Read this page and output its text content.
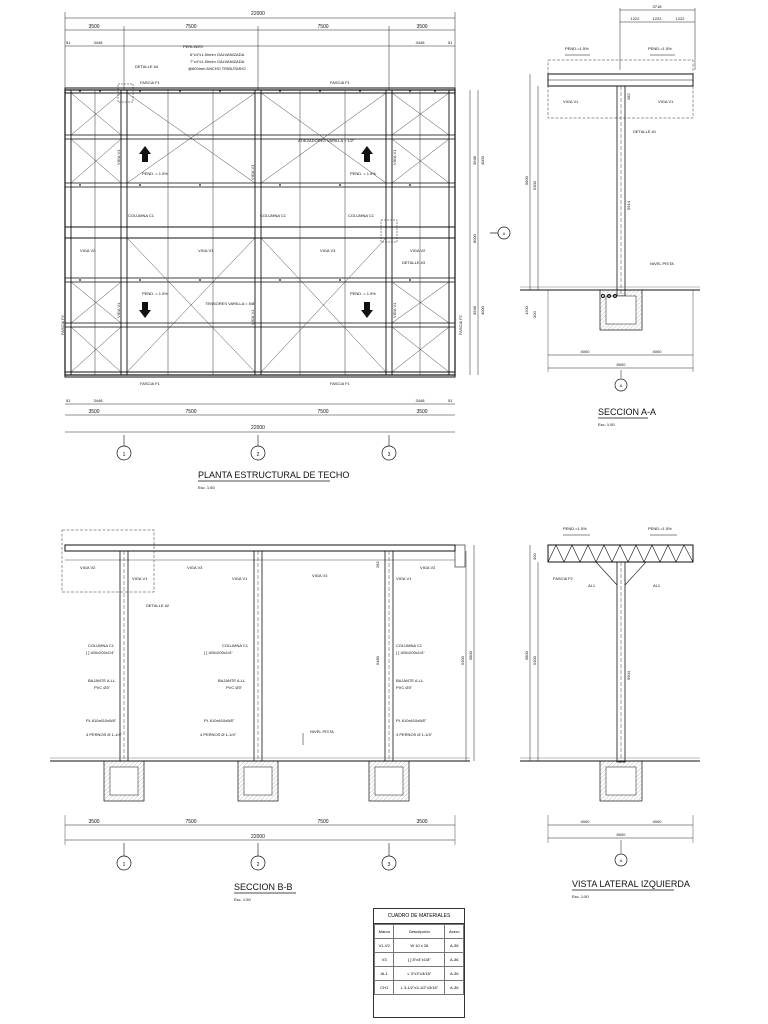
22000
3500	7500	7500	3500
51	3448	3448	51
DETALLE #4
PERLINES
6"x4"x1.50mm GALVANIZADA
7"x4"x1.50mm GALVANIZADA
@600mm ANCHO TRIBUTARIO
FASCIA F1	FASCIA F1
FASCIA F1	FASCIA F1
FASCIA F2	FASCIA F2
ATIEZADORES VARILLA = 1/2"
TENSORES VARILLA = 5/8"
PEND. = 1.5%	PEND. = 1.5%
PEND. = 1.5%	PEND. = 1.5%
COLUMNA C1	COLUMNA C1	COLUMNA C1
VIGA V2	VIGA V3	VIGA V3	VIGA V2
DETALLE #3
VIGA V1
VIGA V1
VIGA V1	VIGA V1
VIGA V1
VIGA V1
3948 4000
8000
3948 4000
A
51	3448	3448	51
3500	7500	7500	3500
22000
1	2	3
PLANTA ESTRUCTURAL DE TECHO
Esc. 1:50
3718
1222	1222	1222
PEND.=1.5%	PEND.=1.5%
VIGA V1	VIGA V1
DETALLE #1
NIVEL PISTA
5800
5300
5914
282
1200 300
4000	4000
8000
A
SECCION A-A
Esc. 1:50
VIGA V2	VIGA V3
VIGA V3
VIGA V2
VIGA V1	VIGA V1	VIGA V1
DETALLE #2
COLUMNA C1
[ ] 400x200x1/4"
BAJANTE A.LL.
PVC Ø3"
PL 610x610x5/8"
4 PERNOS Ø 1-1/4"
COLUMNA C1
[ ] 400x200x1/4"
BAJANTE A.LL.
PVC Ø3"
PL 610x610x5/8"
4 PERNOS Ø 1-1/4"
COLUMNA C1
[ ] 400x200x1/4"
BAJANTE A.LL.
PVC Ø3"
PL 610x610x5/8"
4 PERNOS Ø 1-1/4"
NIVEL PISTA
5480	5300
5800
282
3500	7500	7500	3500
22000
1	2	3
SECCION B-B
Esc. 1:50
PEND.=1.5%	PEND.=1.5%
FASCIA F2
AL1	AL1
5800
5300
5904
300
4000	4000
8000
A
VISTA LATERAL IZQUIERDA
Esc. 1:50
CUADRO DE MATERIALES
Marca	Descripción	Acero
V1-V2	W 10 x 26	A-36
V3	[ ] 8"x4"x1/8"	A-36
AL1	L 3"x3"x3/16"	A-36
CH1	L 3-1/2"x3-1/2"x3/16"	A-36
